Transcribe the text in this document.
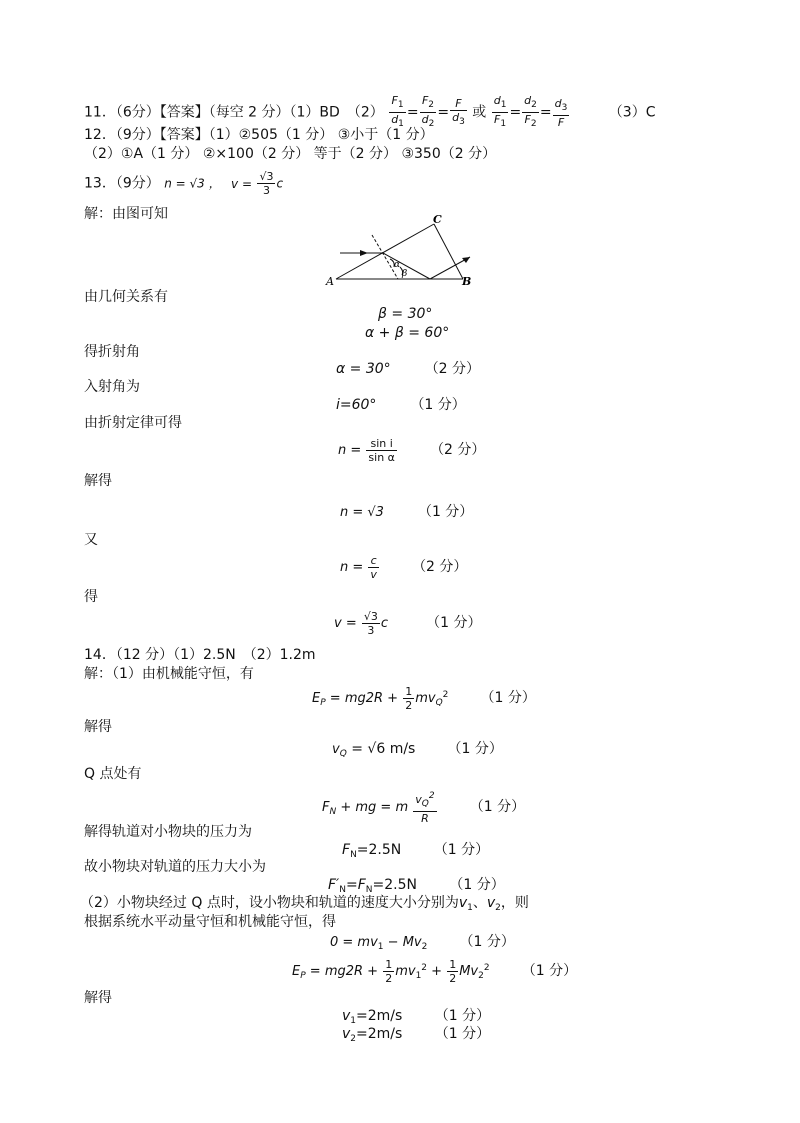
11．（6分）【答案】（每空 2 分）（1）BD　$(2) \frac{F_1}{d_1} = \frac{F_2}{d_2} = \frac{F}{d_3}$ 或 $\frac{d_1}{F_1} = \frac{d_2}{F_2} = \frac{d_3}{F}$	（3）C
12．（9分）【答案】（1）②505（1 分） ③小于（1 分）
（2）①A（1 分） ②×100（2 分） 等于（2 分） ③350（2 分）
13．（9分） n = √3 ， $v = \frac{√3}{3}$ c
解：由图可知
A	B
C
α
β
由几何关系有
β = 30°
α + β = 60°
得折射角
α = 30° （2 分）
入射角为
i=60° （1 分）
由折射定律可得
$n = \frac{\text{sin i}}{\text{sin α}} (2$ 分）
解得
n = √3 （1 分）
又
$n = \frac{c}{v} (2$ 分）
得
$v = \frac{√3}{3}$ c	（1 分）
14．（12 分）（1）2.5N　（2）1.2m
解：（1）由机械能守恒，有
$E_P = mg2R + \frac{1}{2} mv_Q^2$ （1 分）
解得
$v_Q = √6$ m/s （1 分）
Q 点处有
$F_N$ + mg = m $\frac{v_Q^2}{R} (1$ 分）
解得轨道对小物块的压力为
$F_N=2.5N$ （1 分）
故小物块对轨道的压力大小为
$F'_N=F_N=2.5N$ （1 分）
（2）小物块经过 Q 点时，设小物块和轨道的速度大小分别为$v_1$、$v_2$，则
根据系统水平动量守恒和机械能守恒，得
$0 = mv_1 - Mv_2$ （1 分）
$E_P = mg2R + \frac{1}{2} mv_1^2 + \frac{1}{2} Mv_2^2$ （1 分）
解得
$v_1=2m/s$ （1 分）
$v_2=2m/s$ （1 分）
